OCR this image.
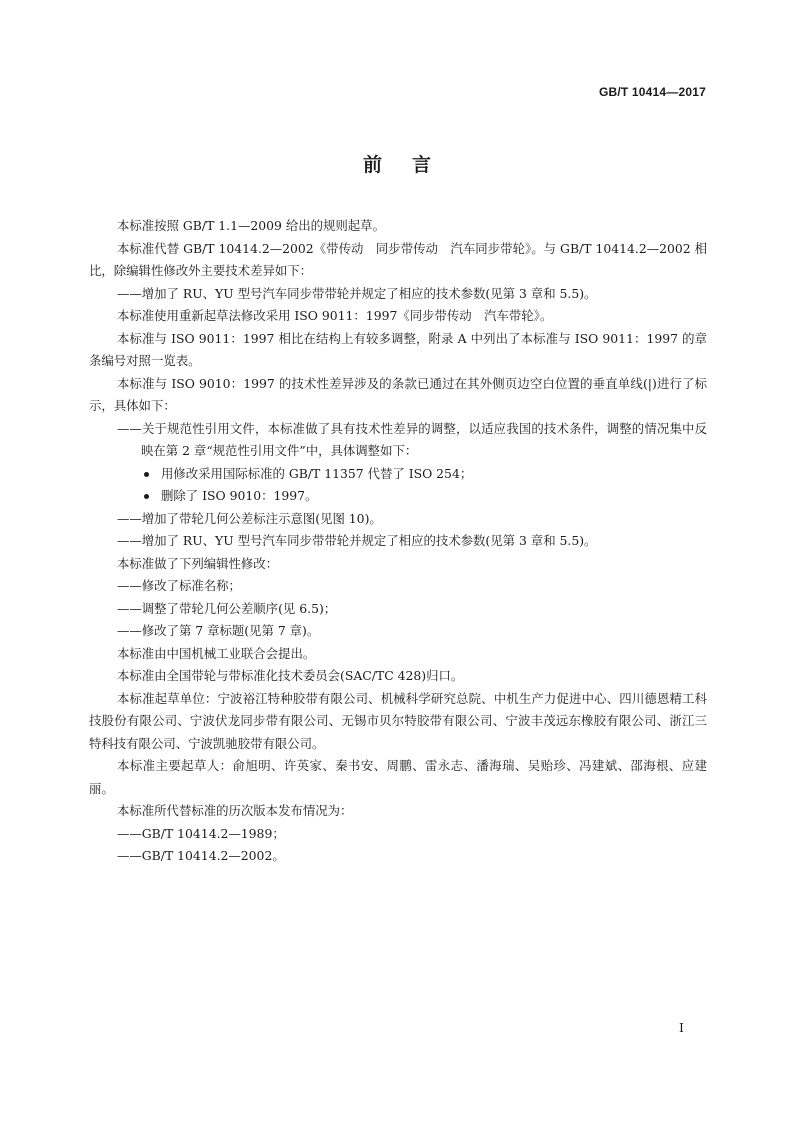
GB/T 10414—2017
前言

本标准按照 GB/T 1.1—2009 给出的规则起草。

本标准代替 GB/T 10414.2—2002《带传动　同步带传动　汽车同步带轮》。与 GB/T 10414.2—2002 相比，除编辑性修改外主要技术差异如下：

——增加了 RU、YU 型号汽车同步带带轮并规定了相应的技术参数(见第 3 章和 5.5)。

本标准使用重新起草法修改采用 ISO 9011：1997《同步带传动　汽车带轮》。

本标准与 ISO 9011：1997 相比在结构上有较多调整，附录 A 中列出了本标准与 ISO 9011：1997 的章条编号对照一览表。

本标准与 ISO 9010：1997 的技术性差异涉及的条款已通过在其外侧页边空白位置的垂直单线(|)进行了标示，具体如下：

——关于规范性引用文件，本标准做了具有技术性差异的调整，以适应我国的技术条件，调整的情况集中反映在第 2 章“规范性引用文件”中，具体调整如下：

用修改采用国际标准的 GB/T 11357 代替了 ISO 254；

删除了 ISO 9010：1997。

——增加了带轮几何公差标注示意图(见图 10)。

——增加了 RU、YU 型号汽车同步带带轮并规定了相应的技术参数(见第 3 章和 5.5)。

本标准做了下列编辑性修改：

——修改了标准名称；

——调整了带轮几何公差顺序(见 6.5)；

——修改了第 7 章标题(见第 7 章)。

本标准由中国机械工业联合会提出。

本标准由全国带轮与带标准化技术委员会(SAC/TC 428)归口。

本标准起草单位：宁波裕江特种胶带有限公司、机械科学研究总院、中机生产力促进中心、四川德恩精工科技股份有限公司、宁波伏龙同步带有限公司、无锡市贝尔特胶带有限公司、宁波丰茂远东橡胶有限公司、浙江三特科技有限公司、宁波凯驰胶带有限公司。

本标准主要起草人：俞旭明、许英家、秦书安、周鹏、雷永志、潘海瑞、吴贻珍、冯建斌、邵海根、应建丽。

本标准所代替标准的历次版本发布情况为：

——GB/T 10414.2—1989；

——GB/T 10414.2—2002。

I
